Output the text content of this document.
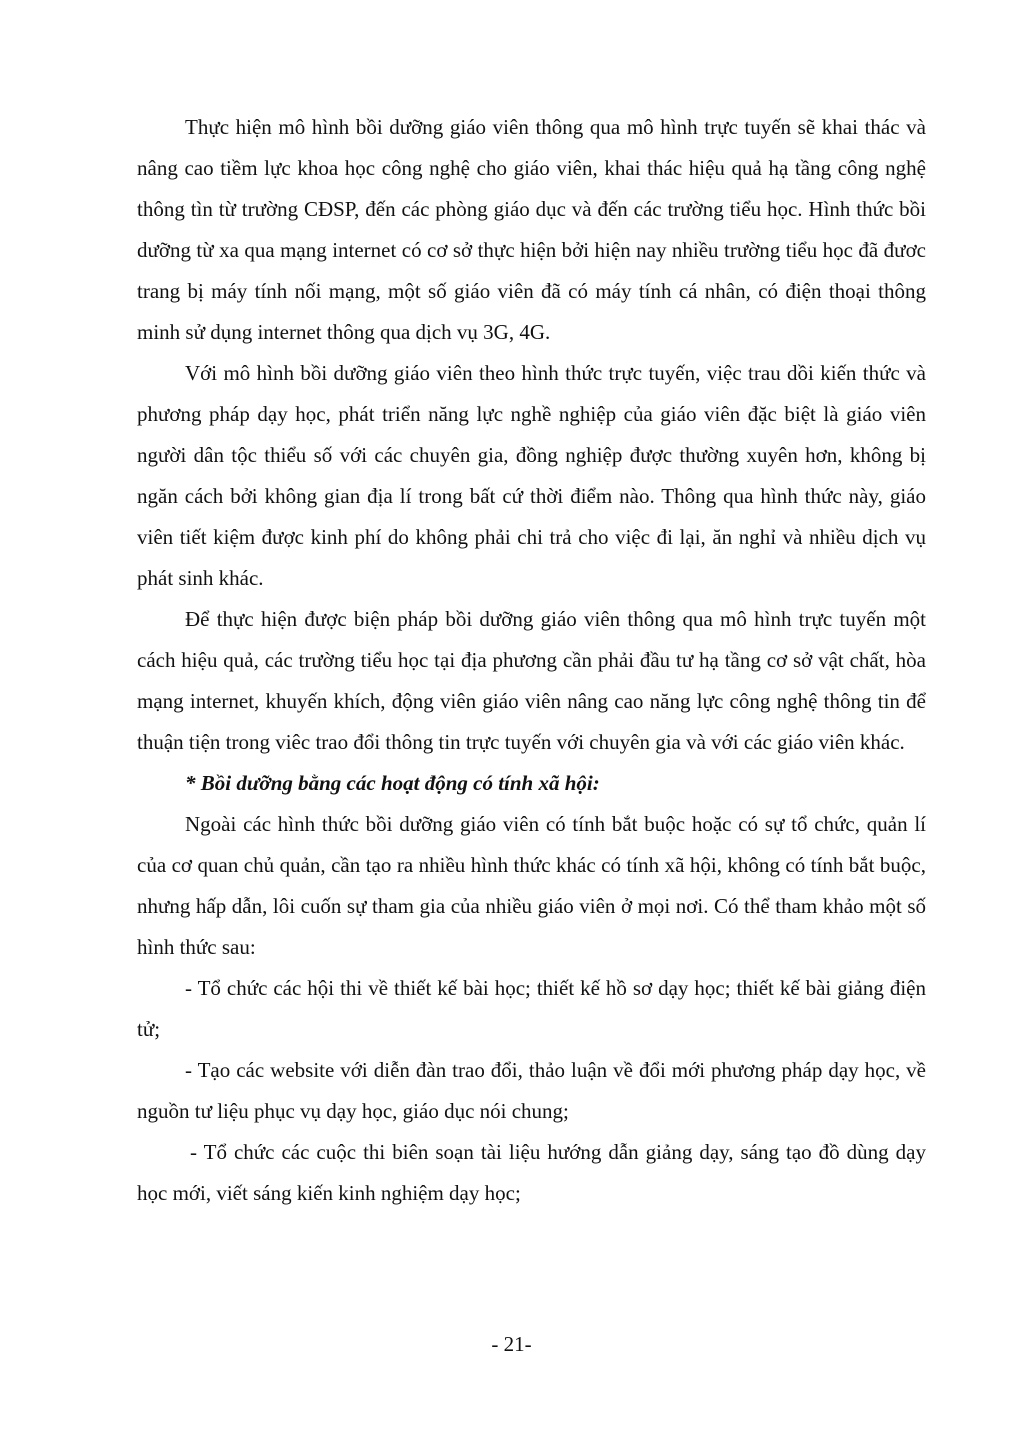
Thực hiện mô hình bồi dưỡng giáo viên thông qua mô hình trực tuyến sẽ khai thác và nâng cao tiềm lực khoa học công nghệ cho giáo viên, khai thác hiệu quả hạ tầng công nghệ thông tìn từ trường CĐSP, đến các phòng giáo dục và đến các trường tiểu học. Hình thức bồi dưỡng từ xa qua mạng internet có cơ sở thực hiện bởi hiện nay nhiều trường tiểu học đã đươc trang bị máy tính nối mạng, một số giáo viên đã có máy tính cá nhân, có điện thoại thông minh sử dụng internet thông qua dịch vụ 3G, 4G.

Với mô hình bồi dưỡng giáo viên theo hình thức trực tuyến, việc trau dồi kiến thức và phương pháp dạy học, phát triển năng lực nghề nghiệp của giáo viên đặc biệt là giáo viên người dân tộc thiểu số với các chuyên gia, đồng nghiệp được thường xuyên hơn, không bị ngăn cách bởi không gian địa lí trong bất cứ thời điểm nào. Thông qua hình thức này, giáo viên tiết kiệm được kinh phí do không phải chi trả cho việc đi lại, ăn nghỉ và nhiều dịch vụ phát sinh khác.

Để thực hiện được biện pháp bồi dưỡng giáo viên thông qua mô hình trực tuyến một cách hiệu quả, các trường tiểu học tại địa phương cần phải đầu tư hạ tầng cơ sở vật chất, hòa mạng internet, khuyến khích, động viên giáo viên nâng cao năng lực công nghệ thông tin để thuận tiện trong viêc trao đổi thông tin trực tuyến với chuyên gia và với các giáo viên khác.

* Bồi dưỡng bằng các hoạt động có tính xã hội:

Ngoài các hình thức bồi dưỡng giáo viên có tính bắt buộc hoặc có sự tổ chức, quản lí của cơ quan chủ quản, cần tạo ra nhiều hình thức khác có tính xã hội, không có tính bắt buộc, nhưng hấp dẫn, lôi cuốn sự tham gia của nhiều giáo viên ở mọi nơi. Có thể tham khảo một số hình thức sau:

- Tổ chức các hội thi về thiết kế bài học; thiết kế hồ sơ dạy học; thiết kế bài giảng điện tử;

- Tạo các website với diễn đàn trao đổi, thảo luận về đổi mới phương pháp dạy học, về nguồn tư liệu phục vụ dạy học, giáo dục nói chung;

- Tổ chức các cuộc thi biên soạn tài liệu hướng dẫn giảng dạy, sáng tạo đồ dùng dạy học mới, viết sáng kiến kinh nghiệm dạy học;

- 21-
